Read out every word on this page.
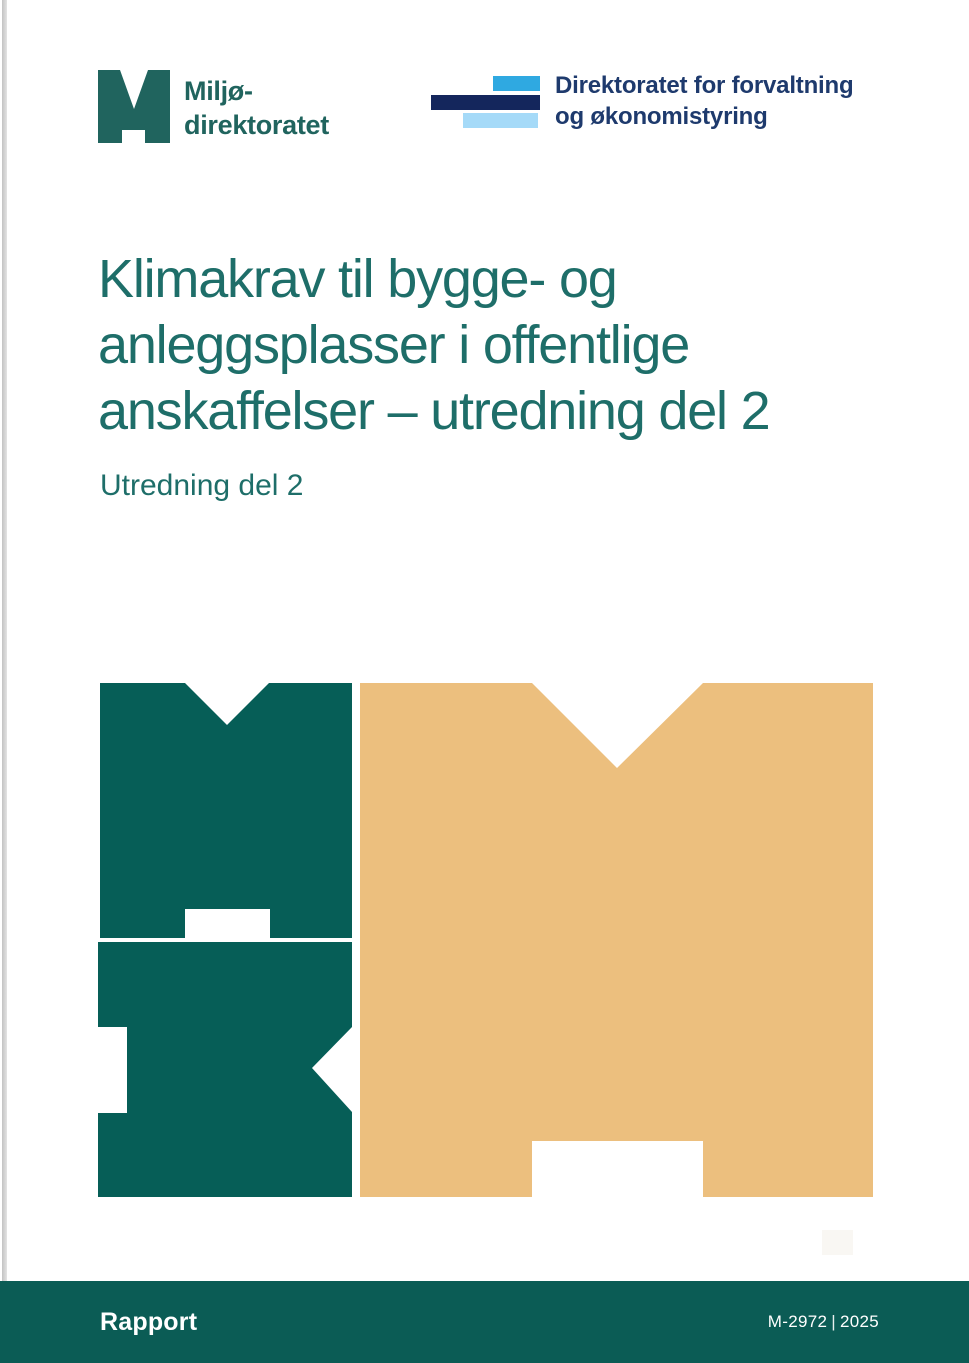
Miljø-
direktoratet
Direktoratet for forvaltning
og økonomistyring
Klimakrav til bygge- og
anleggsplasser i offentlige
anskaffelser – utredning del 2
Utredning del 2
Rapport	M-2972 | 2025
